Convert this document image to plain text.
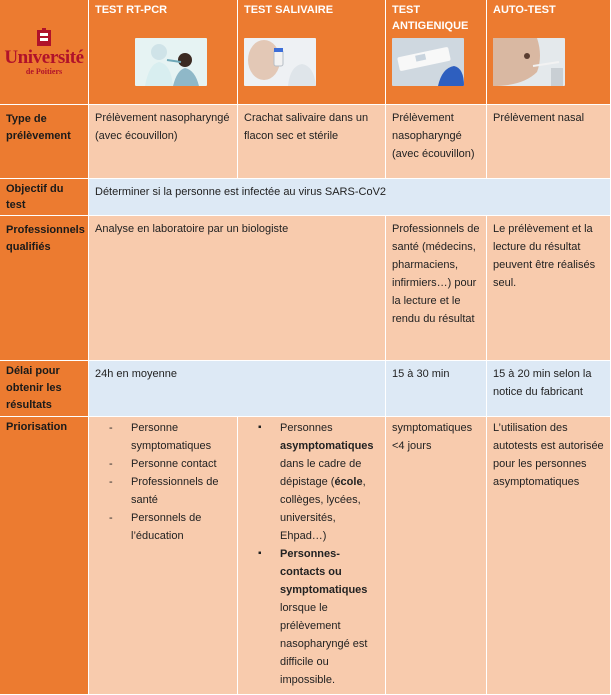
Université
de Poitiers
TEST RT-PCR	TEST SALIVAIRE	TEST ANTIGENIQUE
AUTO-TEST
Type de prélèvement
Prélèvement nasopharyngé (avec écouvillon)
Crachat salivaire dans un flacon sec et stérile
Prélèvement nasopharyngé (avec écouvillon)
Prélèvement nasal
Objectif du test
Déterminer si la personne est infectée au virus SARS-CoV2
Professionnels qualifiés
Analyse en laboratoire par un biologiste	Professionnels de santé (médecins, pharmaciens, infirmiers…) pour la lecture et le rendu du résultat
Le prélèvement et la lecture du résultat peuvent être réalisés seul.
Délai pour obtenir les résultats
24h en moyenne	15 à 30 min	15 à 20 min selon la notice du fabricant
Priorisation
-	Personne symptomatiques
- Personne contact
- Professionnels de santé
- Personnels de l’éducation
▪ Personnes asymptomatiques dans le cadre de dépistage (école, collèges, lycées, universités, Ehpad…)
▪ Personnes-contacts ou symptomatiques lorsque le prélèvement nasopharyngé est difficile ou impossible.
symptomatiques <4 jours
L’utilisation des autotests est autorisée pour les personnes asymptomatiques
